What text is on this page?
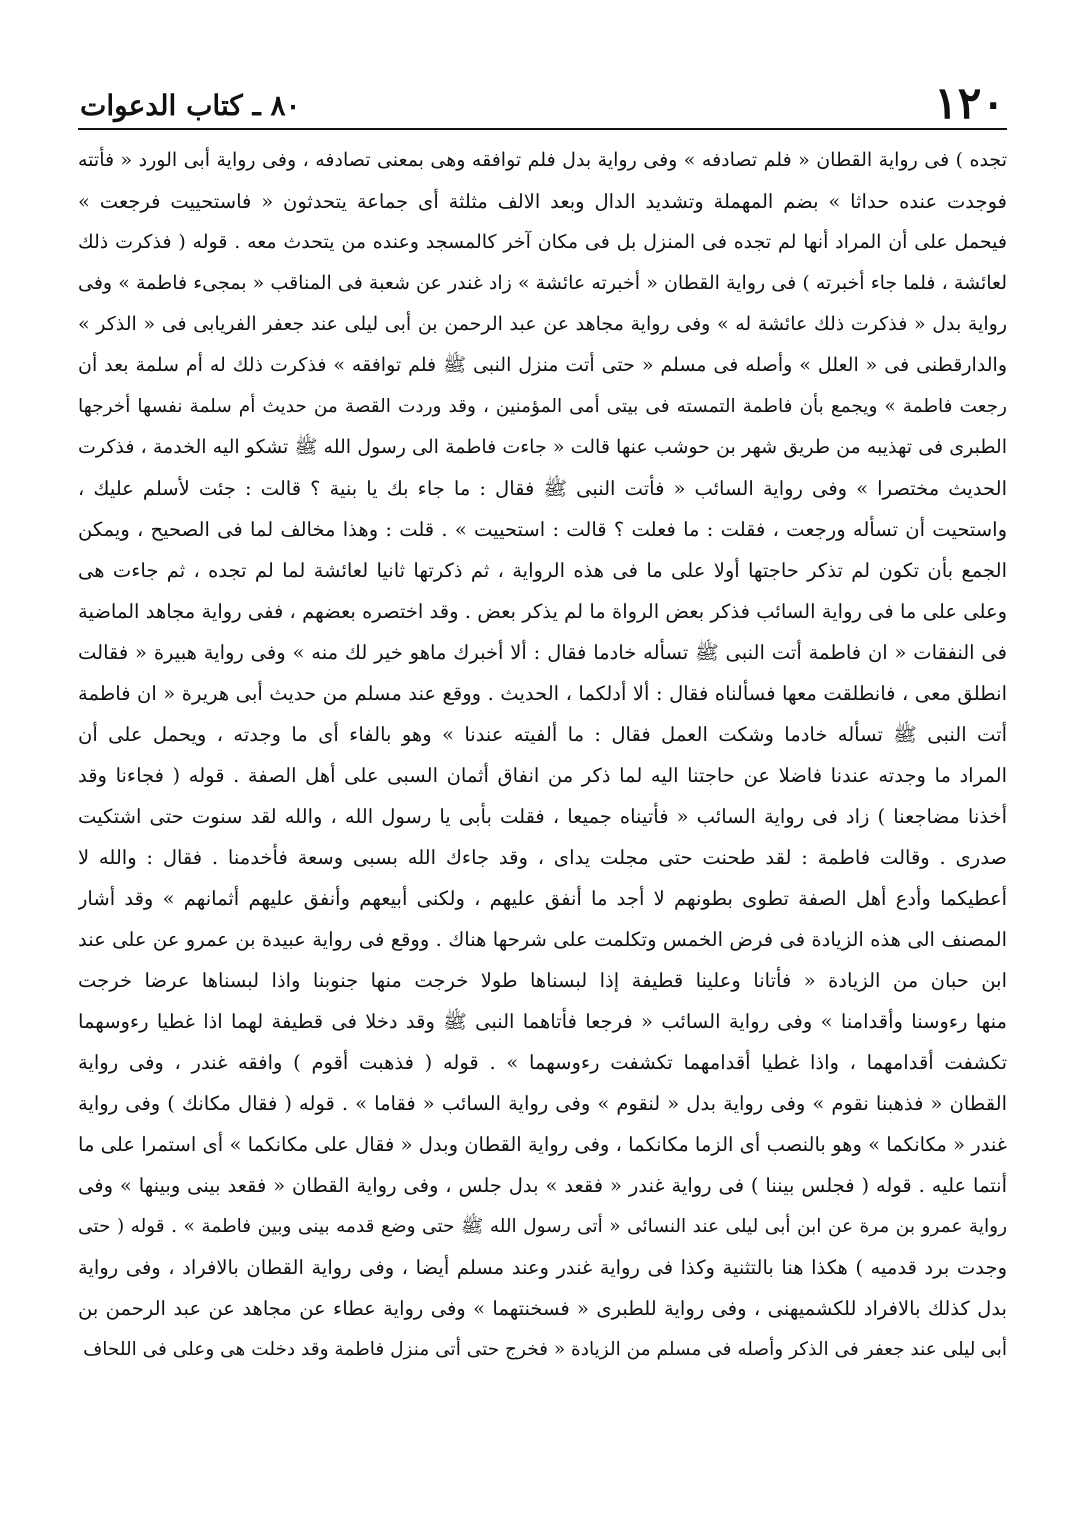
١٢٠
٨٠ ـ كتاب الدعوات
تجده ) فى رواية القطان « فلم تصادفه » وفى رواية بدل فلم توافقه وهى بمعنى تصادفه ، وفى رواية أبى الورد « فأتته
فوجدت عنده حداثا » بضم المهملة وتشديد الدال وبعد الالف مثلثة أى جماعة يتحدثون « فاستحييت فرجعت »
فيحمل على أن المراد أنها لم تجده فى المنزل بل فى مكان آخر كالمسجد وعنده من يتحدث معه . قوله ( فذكرت ذلك
لعائشة ، فلما جاء أخبرته ) فى رواية القطان « أخبرته عائشة » زاد غندر عن شعبة فى المناقب « بمجىء فاطمة » وفى
رواية بدل « فذكرت ذلك عائشة له » وفى رواية مجاهد عن عبد الرحمن بن أبى ليلى عند جعفر الفريابى فى « الذكر »
والدارقطنى فى « العلل » وأصله فى مسلم « حتى أتت منزل النبى ﷺ فلم توافقه » فذكرت ذلك له أم سلمة بعد أن
رجعت فاطمة » ويجمع بأن فاطمة التمسته فى بيتى أمى المؤمنين ، وقد وردت القصة من حديث أم سلمة نفسها أخرجها
الطبرى فى تهذيبه من طريق شهر بن حوشب عنها قالت « جاءت فاطمة الى رسول الله ﷺ تشكو اليه الخدمة ، فذكرت
الحديث مختصرا » وفى رواية السائب « فأتت النبى ﷺ فقال : ما جاء بك يا بنية ؟ قالت : جئت لأسلم عليك ،
واستحيت أن تسأله ورجعت ، فقلت : ما فعلت ؟ قالت : استحييت » . قلت : وهذا مخالف لما فى الصحيح ، ويمكن
الجمع بأن تكون لم تذكر حاجتها أولا على ما فى هذه الرواية ، ثم ذكرتها ثانيا لعائشة لما لم تجده ، ثم جاءت هى
وعلى على ما فى رواية السائب فذكر بعض الرواة ما لم يذكر بعض . وقد اختصره بعضهم ، ففى رواية مجاهد الماضية
فى النفقات « ان فاطمة أتت النبى ﷺ تسأله خادما فقال : ألا أخبرك ماهو خير لك منه » وفى رواية هبيرة « فقالت
انطلق معى ، فانطلقت معها فسألناه فقال : ألا أدلكما ، الحديث . ووقع عند مسلم من حديث أبى هريرة « ان فاطمة
أتت النبى ﷺ تسأله خادما وشكت العمل فقال : ما ألفيته عندنا » وهو بالفاء أى ما وجدته ، ويحمل على أن
المراد ما وجدته عندنا فاضلا عن حاجتنا اليه لما ذكر من انفاق أثمان السبى على أهل الصفة . قوله ( فجاءنا وقد
أخذنا مضاجعنا ) زاد فى رواية السائب « فأتيناه جميعا ، فقلت بأبى يا رسول الله ، والله لقد سنوت حتى اشتكيت
صدرى . وقالت فاطمة : لقد طحنت حتى مجلت يداى ، وقد جاءك الله بسبى وسعة فأخدمنا . فقال : والله لا
أعطيكما وأدع أهل الصفة تطوى بطونهم لا أجد ما أنفق عليهم ، ولكنى أبيعهم وأنفق عليهم أثمانهم » وقد أشار
المصنف الى هذه الزيادة فى فرض الخمس وتكلمت على شرحها هناك . ووقع فى رواية عبيدة بن عمرو عن على عند
ابن حبان من الزيادة « فأتانا وعلينا قطيفة إذا لبسناها طولا خرجت منها جنوبنا واذا لبسناها عرضا خرجت
منها رءوسنا وأقدامنا » وفى رواية السائب « فرجعا فأتاهما النبى ﷺ وقد دخلا فى قطيفة لهما اذا غطيا رءوسهما
تكشفت أقدامهما ، واذا غطيا أقدامهما تكشفت رءوسهما » . قوله ( فذهبت أقوم ) وافقه غندر ، وفى رواية
القطان « فذهبنا نقوم » وفى رواية بدل « لنقوم » وفى رواية السائب « فقاما » . قوله ( فقال مكانك ) وفى رواية
غندر « مكانكما » وهو بالنصب أى الزما مكانكما ، وفى رواية القطان وبدل « فقال على مكانكما » أى استمرا على ما
أنتما عليه . قوله ( فجلس بيننا ) فى رواية غندر « فقعد » بدل جلس ، وفى رواية القطان « فقعد بينى وبينها » وفى
رواية عمرو بن مرة عن ابن أبى ليلى عند النسائى « أتى رسول الله ﷺ حتى وضع قدمه بينى وبين فاطمة » . قوله ( حتى
وجدت برد قدميه ) هكذا هنا بالتثنية وكذا فى رواية غندر وعند مسلم أيضا ، وفى رواية القطان بالافراد ، وفى رواية
بدل كذلك بالافراد للكشميهنى ، وفى رواية للطبرى « فسخنتهما » وفى رواية عطاء عن مجاهد عن عبد الرحمن بن
أبى ليلى عند جعفر فى الذكر وأصله فى مسلم من الزيادة « فخرج حتى أتى منزل فاطمة وقد دخلت هى وعلى فى اللحاف
